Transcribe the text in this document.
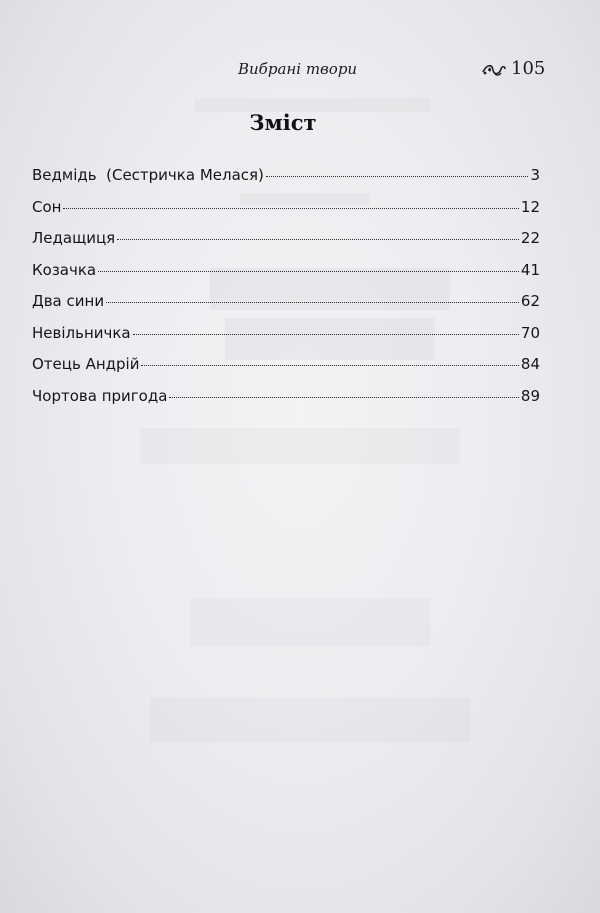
Вибрані твори	105
Зміст
Ведмідь  (Сестричка Мелася)	3
Сон	12
Ледащиця	22
Козачка	41
Два сини	62
Невільничка	70
Отець Андрій	84
Чортова пригода	89
